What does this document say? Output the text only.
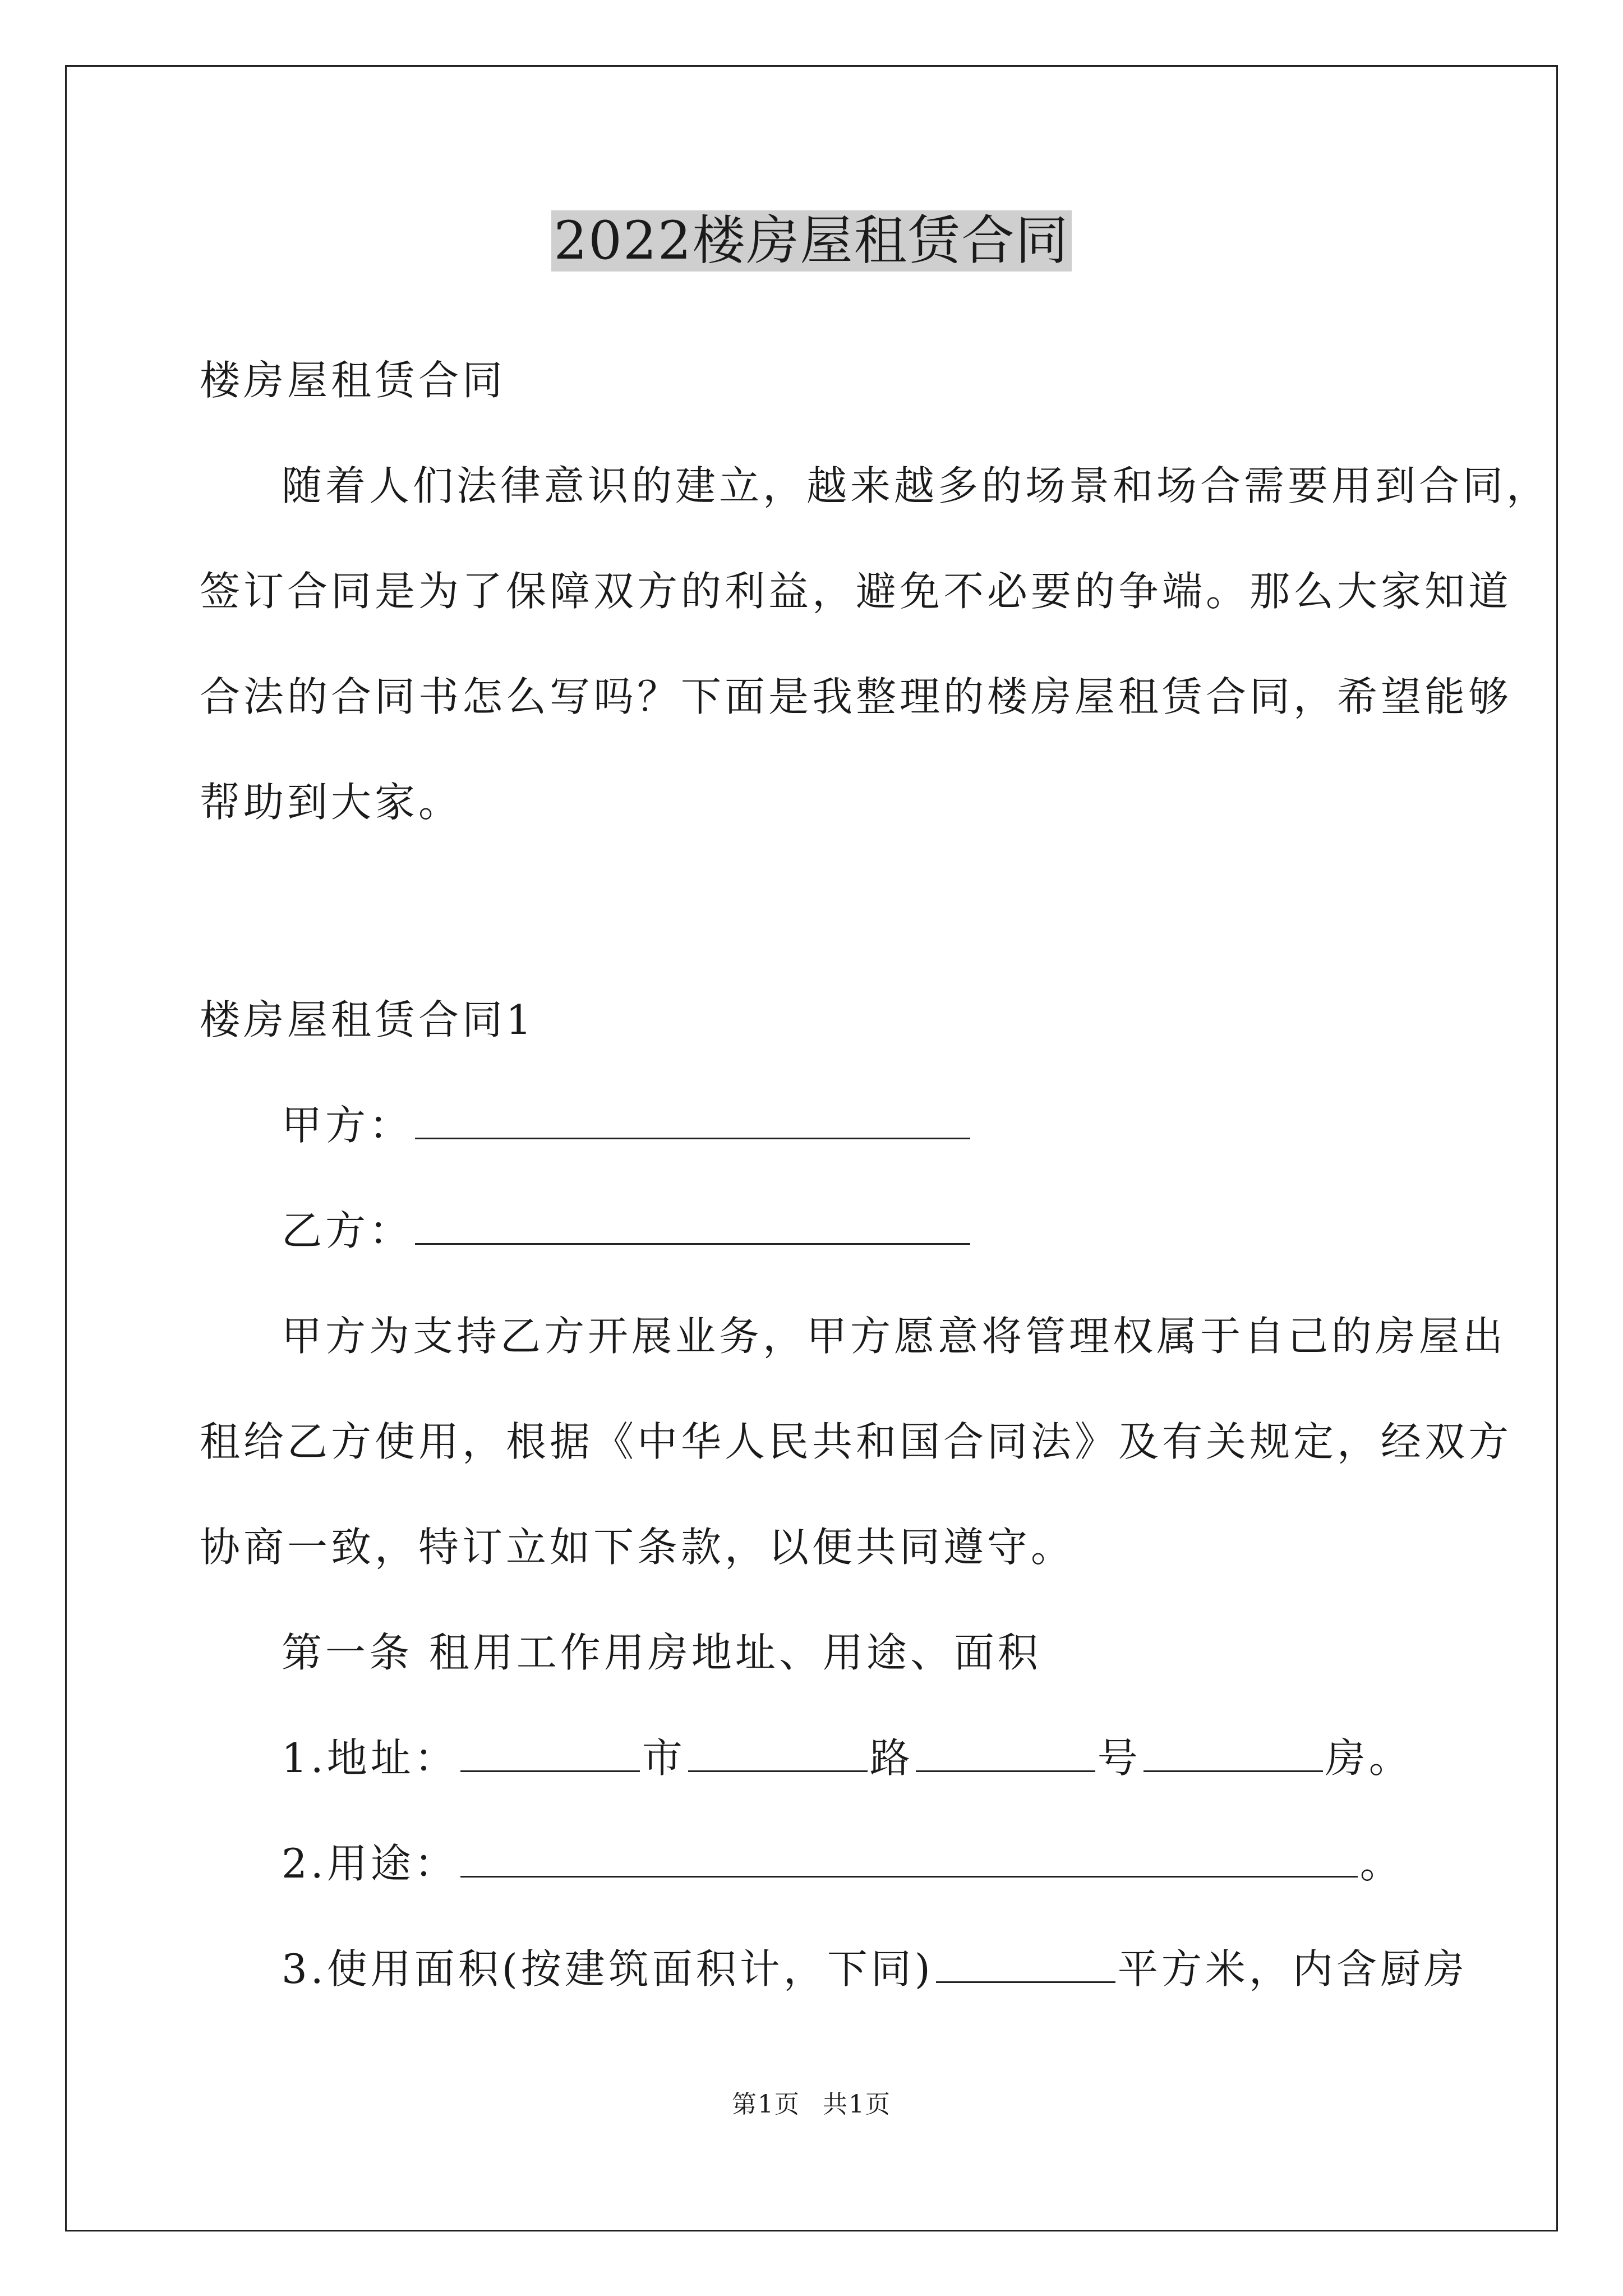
2022楼房屋租赁合同
楼房屋租赁合同
随着人们法律意识的建立，越来越多的场景和场合需要用到合同，
签订合同是为了保障双方的利益，避免不必要的争端。那么大家知道
合法的合同书怎么写吗？下面是我整理的楼房屋租赁合同，希望能够
帮助到大家。
楼房屋租赁合同1
甲方：
乙方：
甲方为支持乙方开展业务，甲方愿意将管理权属于自己的房屋出
租给乙方使用，根据《中华人民共和国合同法》及有关规定，经双方
协商一致，特订立如下条款，以便共同遵守。
第一条 租用工作用房地址、用途、面积
1.地址：	市	路	号	房。
2.用途：	。
3.使用面积(按建筑面积计，下同)	平方米，内含厨房
第1页 共1页
